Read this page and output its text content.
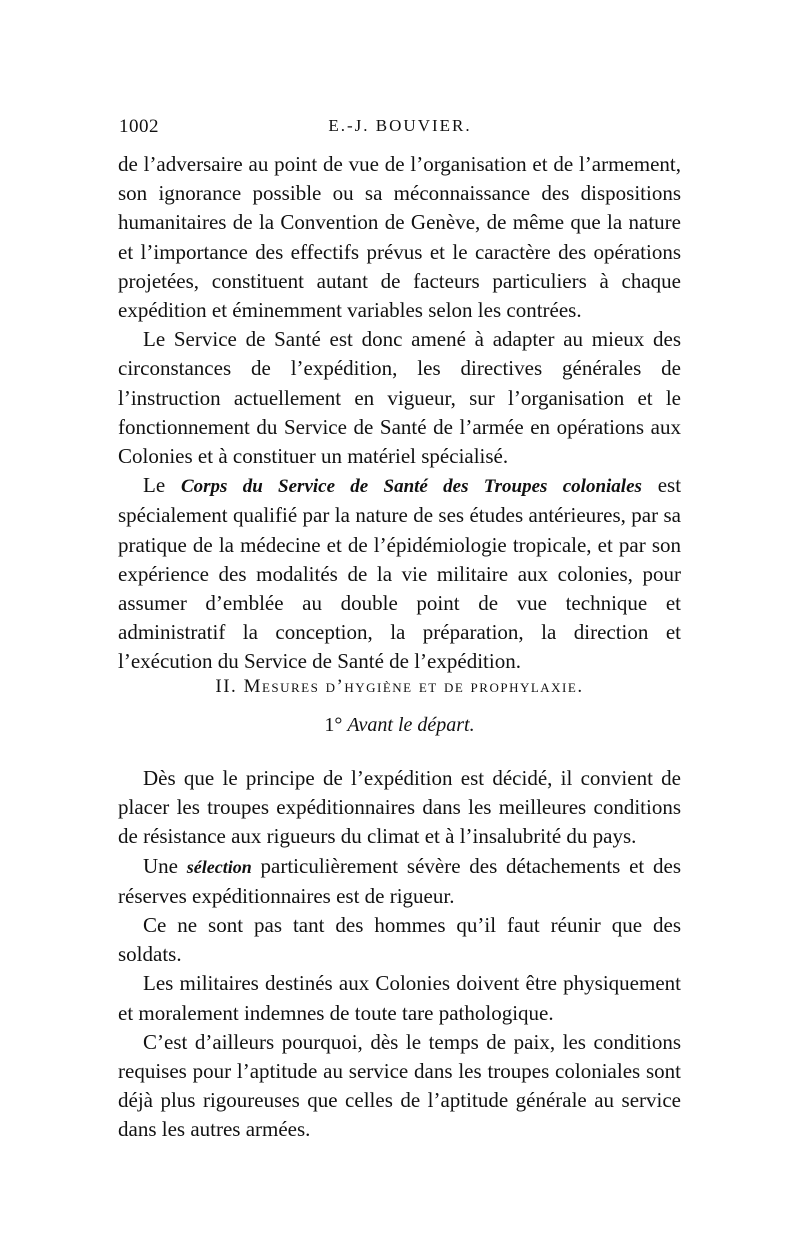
1002	E.-J. BOUVIER.

de l’adversaire au point de vue de l’organisation et de l’armement, son ignorance possible ou sa méconnaissance des dispositions humanitaires de la Convention de Genève, de même que la nature et l’importance des effectifs prévus et le caractère des opérations projetées, constituent autant de facteurs particuliers à chaque expédition et éminemment variables selon les contrées.

Le Service de Santé est donc amené à adapter au mieux des circonstances de l’expédition, les directives générales de l’instruction actuellement en vigueur, sur l’organisation et le fonctionnement du Service de Santé de l’armée en opérations aux Colonies et à constituer un matériel spécialisé.

Le Corps du Service de Santé des Troupes coloniales est spécialement qualifié par la nature de ses études antérieures, par sa pratique de la médecine et de l’épidémiologie tropicale, et par son expérience des modalités de la vie militaire aux colonies, pour assumer d’emblée au double point de vue technique et administratif la conception, la préparation, la direction et l’exécution du Service de Santé de l’expédition.

II. Mesures d’hygiène et de prophylaxie.
1° Avant le départ.

Dès que le principe de l’expédition est décidé, il convient de placer les troupes expéditionnaires dans les meilleures conditions de résistance aux rigueurs du climat et à l’insalubrité du pays.

Une sélection particulièrement sévère des détachements et des réserves expéditionnaires est de rigueur.

Ce ne sont pas tant des hommes qu’il faut réunir que des soldats.

Les militaires destinés aux Colonies doivent être physiquement et moralement indemnes de toute tare pathologique.

C’est d’ailleurs pourquoi, dès le temps de paix, les conditions requises pour l’aptitude au service dans les troupes coloniales sont déjà plus rigoureuses que celles de l’aptitude générale au service dans les autres armées.
